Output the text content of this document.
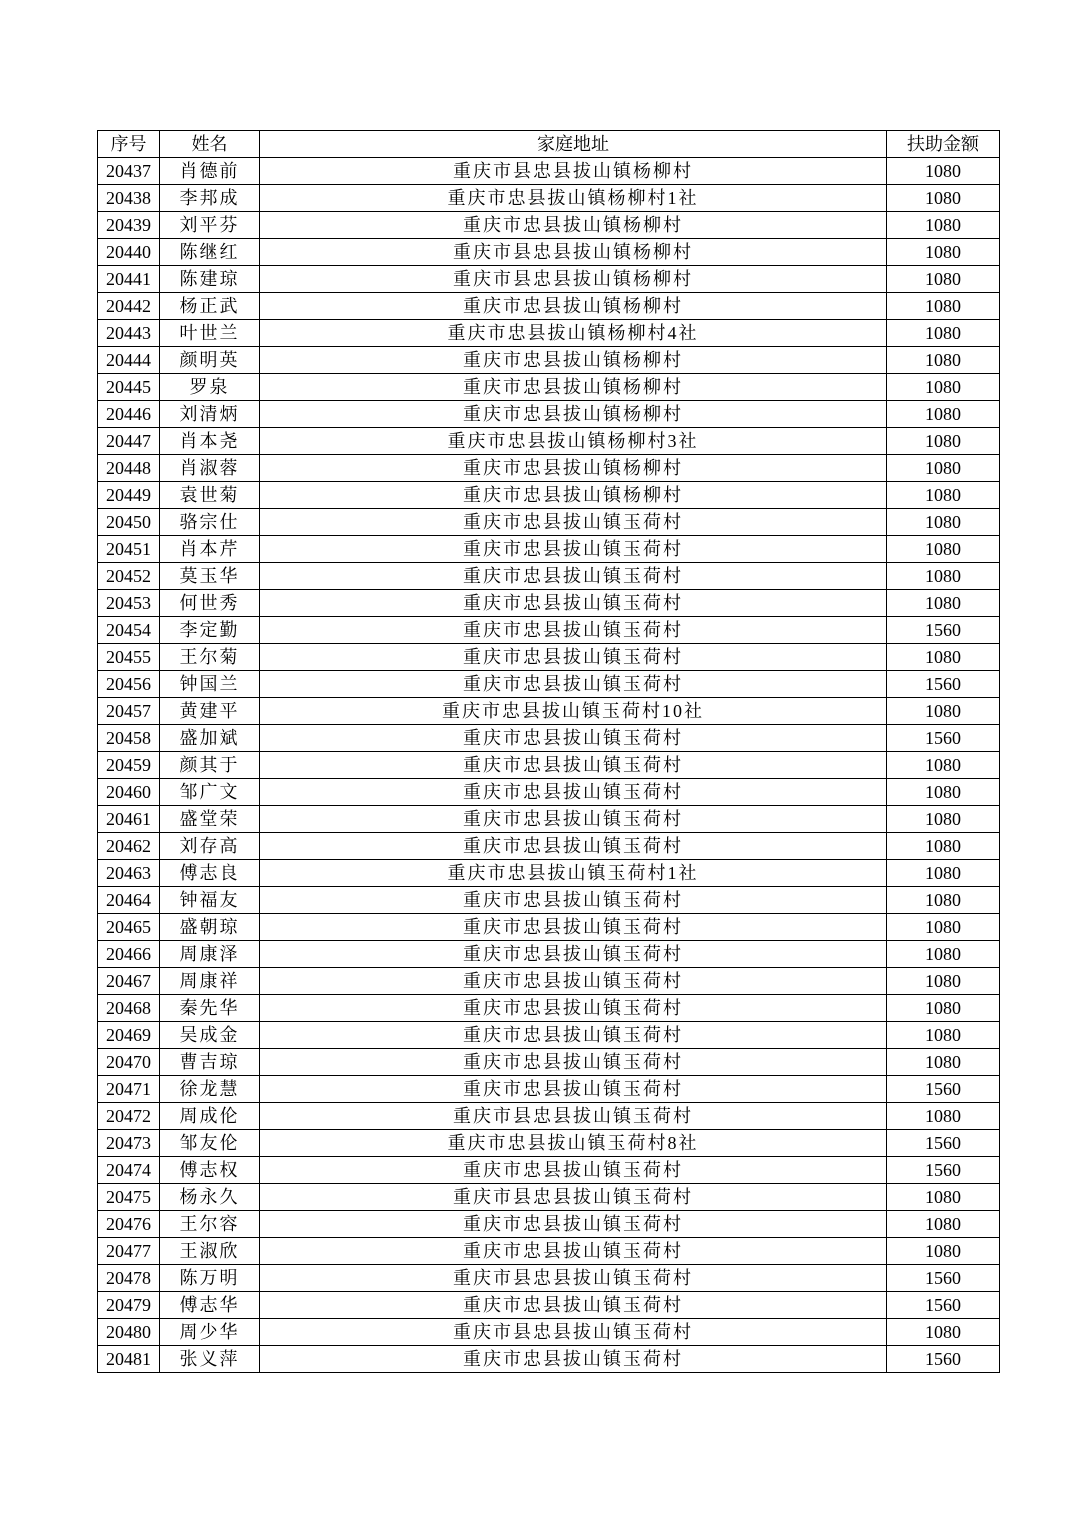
序号	姓名	家庭地址	扶助金额
20437	肖德前	重庆市县忠县拔山镇杨柳村	1080
20438	李邦成	重庆市忠县拔山镇杨柳村1社	1080
20439	刘平芬	重庆市忠县拔山镇杨柳村	1080
20440	陈继红	重庆市县忠县拔山镇杨柳村	1080
20441	陈建琼	重庆市县忠县拔山镇杨柳村	1080
20442	杨正武	重庆市忠县拔山镇杨柳村	1080
20443	叶世兰	重庆市忠县拔山镇杨柳村4社	1080
20444	颜明英	重庆市忠县拔山镇杨柳村	1080
20445	罗泉	重庆市忠县拔山镇杨柳村	1080
20446	刘清炳	重庆市忠县拔山镇杨柳村	1080
20447	肖本尧	重庆市忠县拔山镇杨柳村3社	1080
20448	肖淑蓉	重庆市忠县拔山镇杨柳村	1080
20449	袁世菊	重庆市忠县拔山镇杨柳村	1080
20450	骆宗仕	重庆市忠县拔山镇玉荷村	1080
20451	肖本芹	重庆市忠县拔山镇玉荷村	1080
20452	莫玉华	重庆市忠县拔山镇玉荷村	1080
20453	何世秀	重庆市忠县拔山镇玉荷村	1080
20454	李定勤	重庆市忠县拔山镇玉荷村	1560
20455	王尔菊	重庆市忠县拔山镇玉荷村	1080
20456	钟国兰	重庆市忠县拔山镇玉荷村	1560
20457	黄建平	重庆市忠县拔山镇玉荷村10社	1080
20458	盛加斌	重庆市忠县拔山镇玉荷村	1560
20459	颜其于	重庆市忠县拔山镇玉荷村	1080
20460	邹广文	重庆市忠县拔山镇玉荷村	1080
20461	盛堂荣	重庆市忠县拔山镇玉荷村	1080
20462	刘存高	重庆市忠县拔山镇玉荷村	1080
20463	傅志良	重庆市忠县拔山镇玉荷村1社	1080
20464	钟福友	重庆市忠县拔山镇玉荷村	1080
20465	盛朝琼	重庆市忠县拔山镇玉荷村	1080
20466	周康泽	重庆市忠县拔山镇玉荷村	1080
20467	周康祥	重庆市忠县拔山镇玉荷村	1080
20468	秦先华	重庆市忠县拔山镇玉荷村	1080
20469	吴成金	重庆市忠县拔山镇玉荷村	1080
20470	曹吉琼	重庆市忠县拔山镇玉荷村	1080
20471	徐龙慧	重庆市忠县拔山镇玉荷村	1560
20472	周成伦	重庆市县忠县拔山镇玉荷村	1080
20473	邹友伦	重庆市忠县拔山镇玉荷村8社	1560
20474	傅志权	重庆市忠县拔山镇玉荷村	1560
20475	杨永久	重庆市县忠县拔山镇玉荷村	1080
20476	王尔容	重庆市忠县拔山镇玉荷村	1080
20477	王淑欣	重庆市忠县拔山镇玉荷村	1080
20478	陈万明	重庆市县忠县拔山镇玉荷村	1560
20479	傅志华	重庆市忠县拔山镇玉荷村	1560
20480	周少华	重庆市县忠县拔山镇玉荷村	1080
20481	张义萍	重庆市忠县拔山镇玉荷村	1560
